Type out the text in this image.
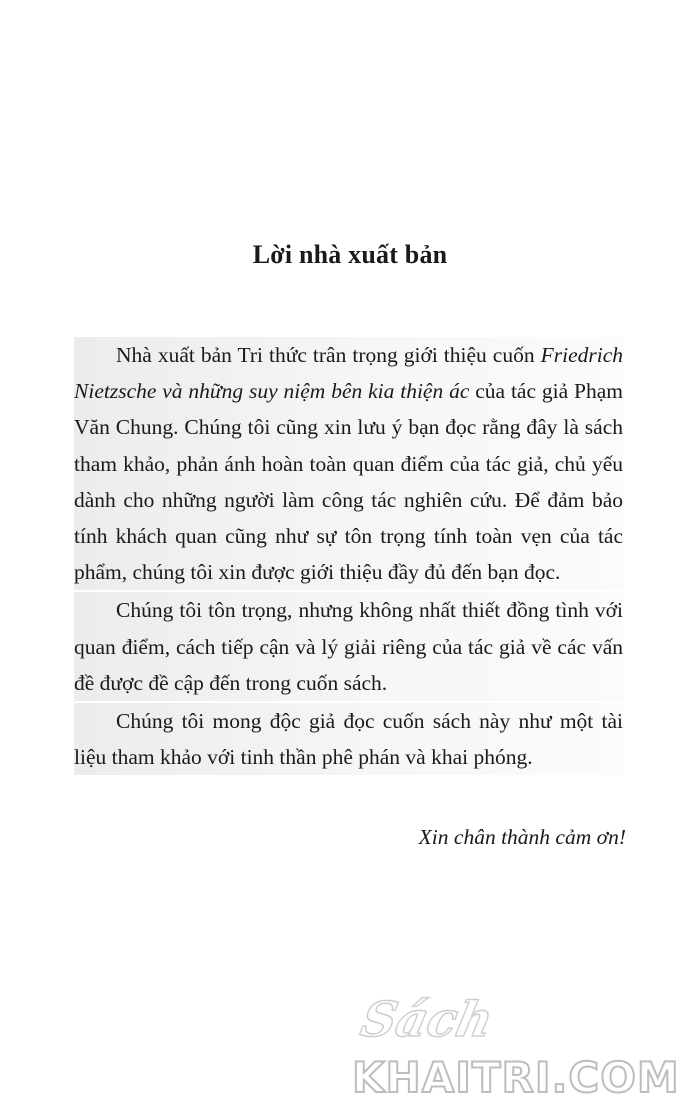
Lời nhà xuất bản

Nhà xuất bản Tri thức trân trọng giới thiệu cuốn Friedrich Nietzsche và những suy niệm bên kia thiện ác của tác giả Phạm Văn Chung. Chúng tôi cũng xin lưu ý bạn đọc rằng đây là sách tham khảo, phản ánh hoàn toàn quan điểm của tác giả, chủ yếu dành cho những người làm công tác nghiên cứu. Để đảm bảo tính khách quan cũng như sự tôn trọng tính toàn vẹn của tác phẩm, chúng tôi xin được giới thiệu đầy đủ đến bạn đọc.

Chúng tôi tôn trọng, nhưng không nhất thiết đồng tình với quan điểm, cách tiếp cận và lý giải riêng của tác giả về các vấn đề được đề cập đến trong cuốn sách.

Chúng tôi mong độc giả đọc cuốn sách này như một tài liệu tham khảo với tinh thần phê phán và khai phóng.

Xin chân thành cảm ơn!
Sách
KHAITRI.COM
